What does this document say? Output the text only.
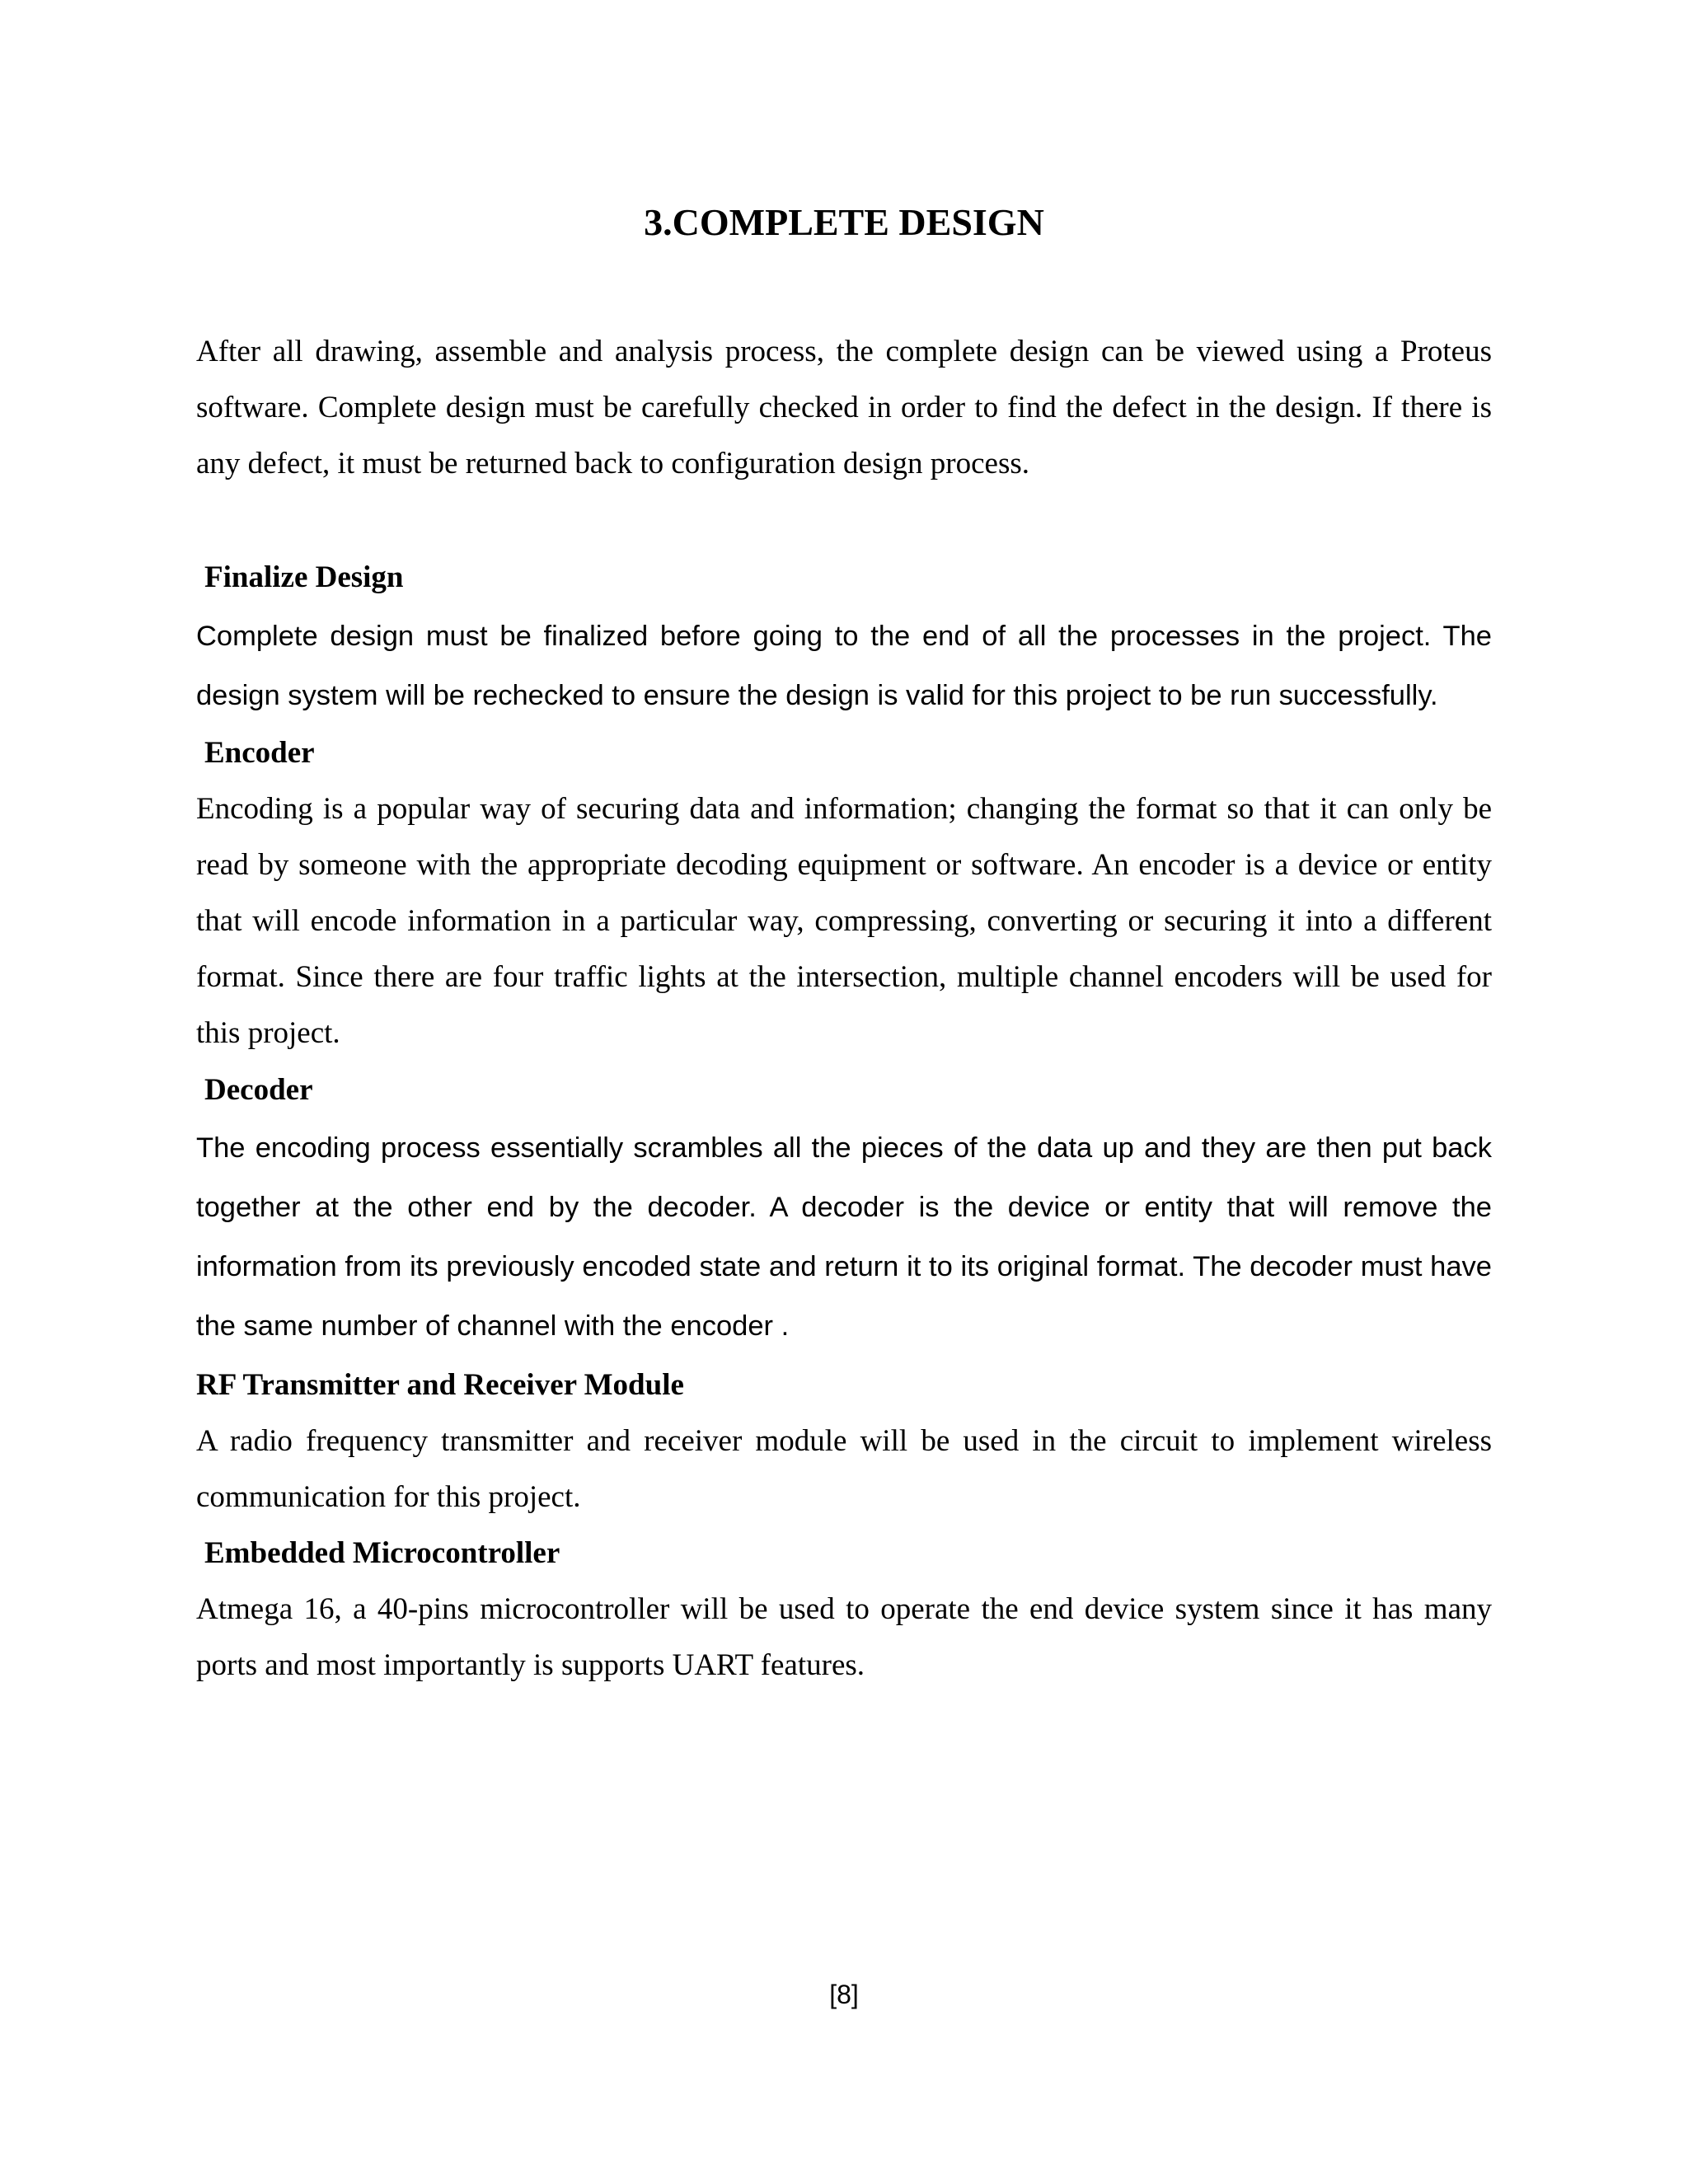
3.COMPLETE DESIGN

After all drawing, assemble and analysis process, the complete design can be viewed using a Proteus software. Complete design must be carefully checked in order to find the defect in the design. If there is any defect, it must be returned back to configuration design process.

Finalize Design

Complete design must be finalized before going to the end of all the processes in the project. The design system will be rechecked to ensure the design is valid for this project to be run successfully.

Encoder

Encoding is a popular way of securing data and information; changing the format so that it can only be read by someone with the appropriate decoding equipment or software. An encoder is a device or entity that will encode information in a particular way, compressing, converting or securing it into a different format. Since there are four traffic lights at the intersection, multiple channel encoders will be used for this project.

Decoder

The encoding process essentially scrambles all the pieces of the data up and they are then put back together at the other end by the decoder. A decoder is the device or entity that will remove the information from its previously encoded state and return it to its original format. The decoder must have the same number of channel with the encoder .

RF Transmitter and Receiver Module

A radio frequency transmitter and receiver module will be used in the circuit to implement wireless communication for this project.

Embedded Microcontroller

Atmega 16, a 40-pins microcontroller will be used to operate the end device system since it has many ports and most importantly is supports UART features.

[8]
